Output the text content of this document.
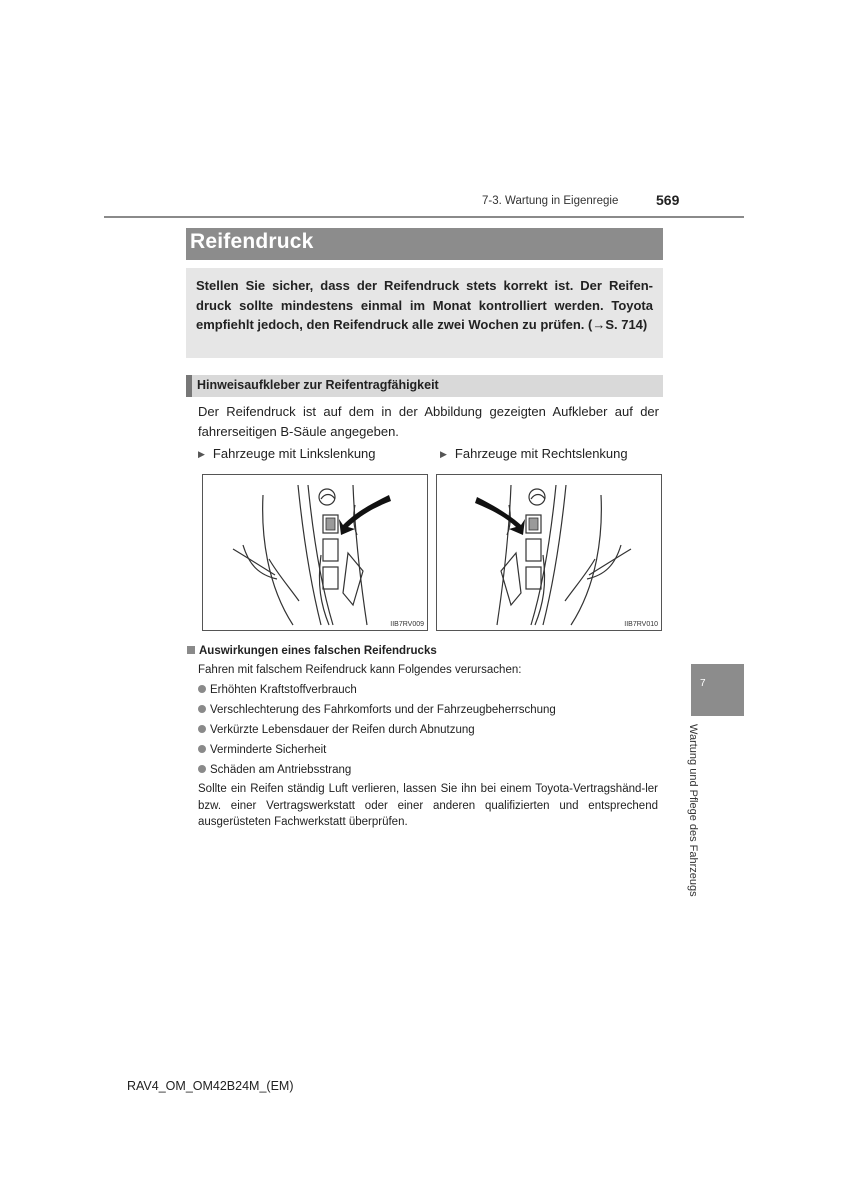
7-3. Wartung in Eigenregie	569
Reifendruck

Stellen Sie sicher, dass der Reifendruck stets korrekt ist. Der Reifen-druck sollte mindestens einmal im Monat kontrolliert werden. Toyota empfiehlt jedoch, den Reifendruck alle zwei Wochen zu prüfen. (→S. 714)

Hinweisaufkleber zur Reifentragfähigkeit

Der Reifendruck ist auf dem in der Abbildung gezeigten Aufkleber auf der fahrerseitigen B-Säule angegeben.

▶ Fahrzeuge mit Linkslenkung	▶ Fahrzeuge mit Rechtslenkung
IIB7RV009	IIB7RV010
Auswirkungen eines falschen Reifendrucks
Fahren mit falschem Reifendruck kann Folgendes verursachen:
Erhöhten Kraftstoffverbrauch
Verschlechterung des Fahrkomforts und der Fahrzeugbeherrschung
Verkürzte Lebensdauer der Reifen durch Abnutzung
Verminderte Sicherheit
Schäden am Antriebsstrang

Sollte ein Reifen ständig Luft verlieren, lassen Sie ihn bei einem Toyota-Vertragshänd-ler bzw. einer Vertragswerkstatt oder einer anderen qualifizierten und entsprechend ausgerüsteten Fachwerkstatt überprüfen.

7
Wartung und Pflege des Fahrzeugs
RAV4_OM_OM42B24M_(EM)
